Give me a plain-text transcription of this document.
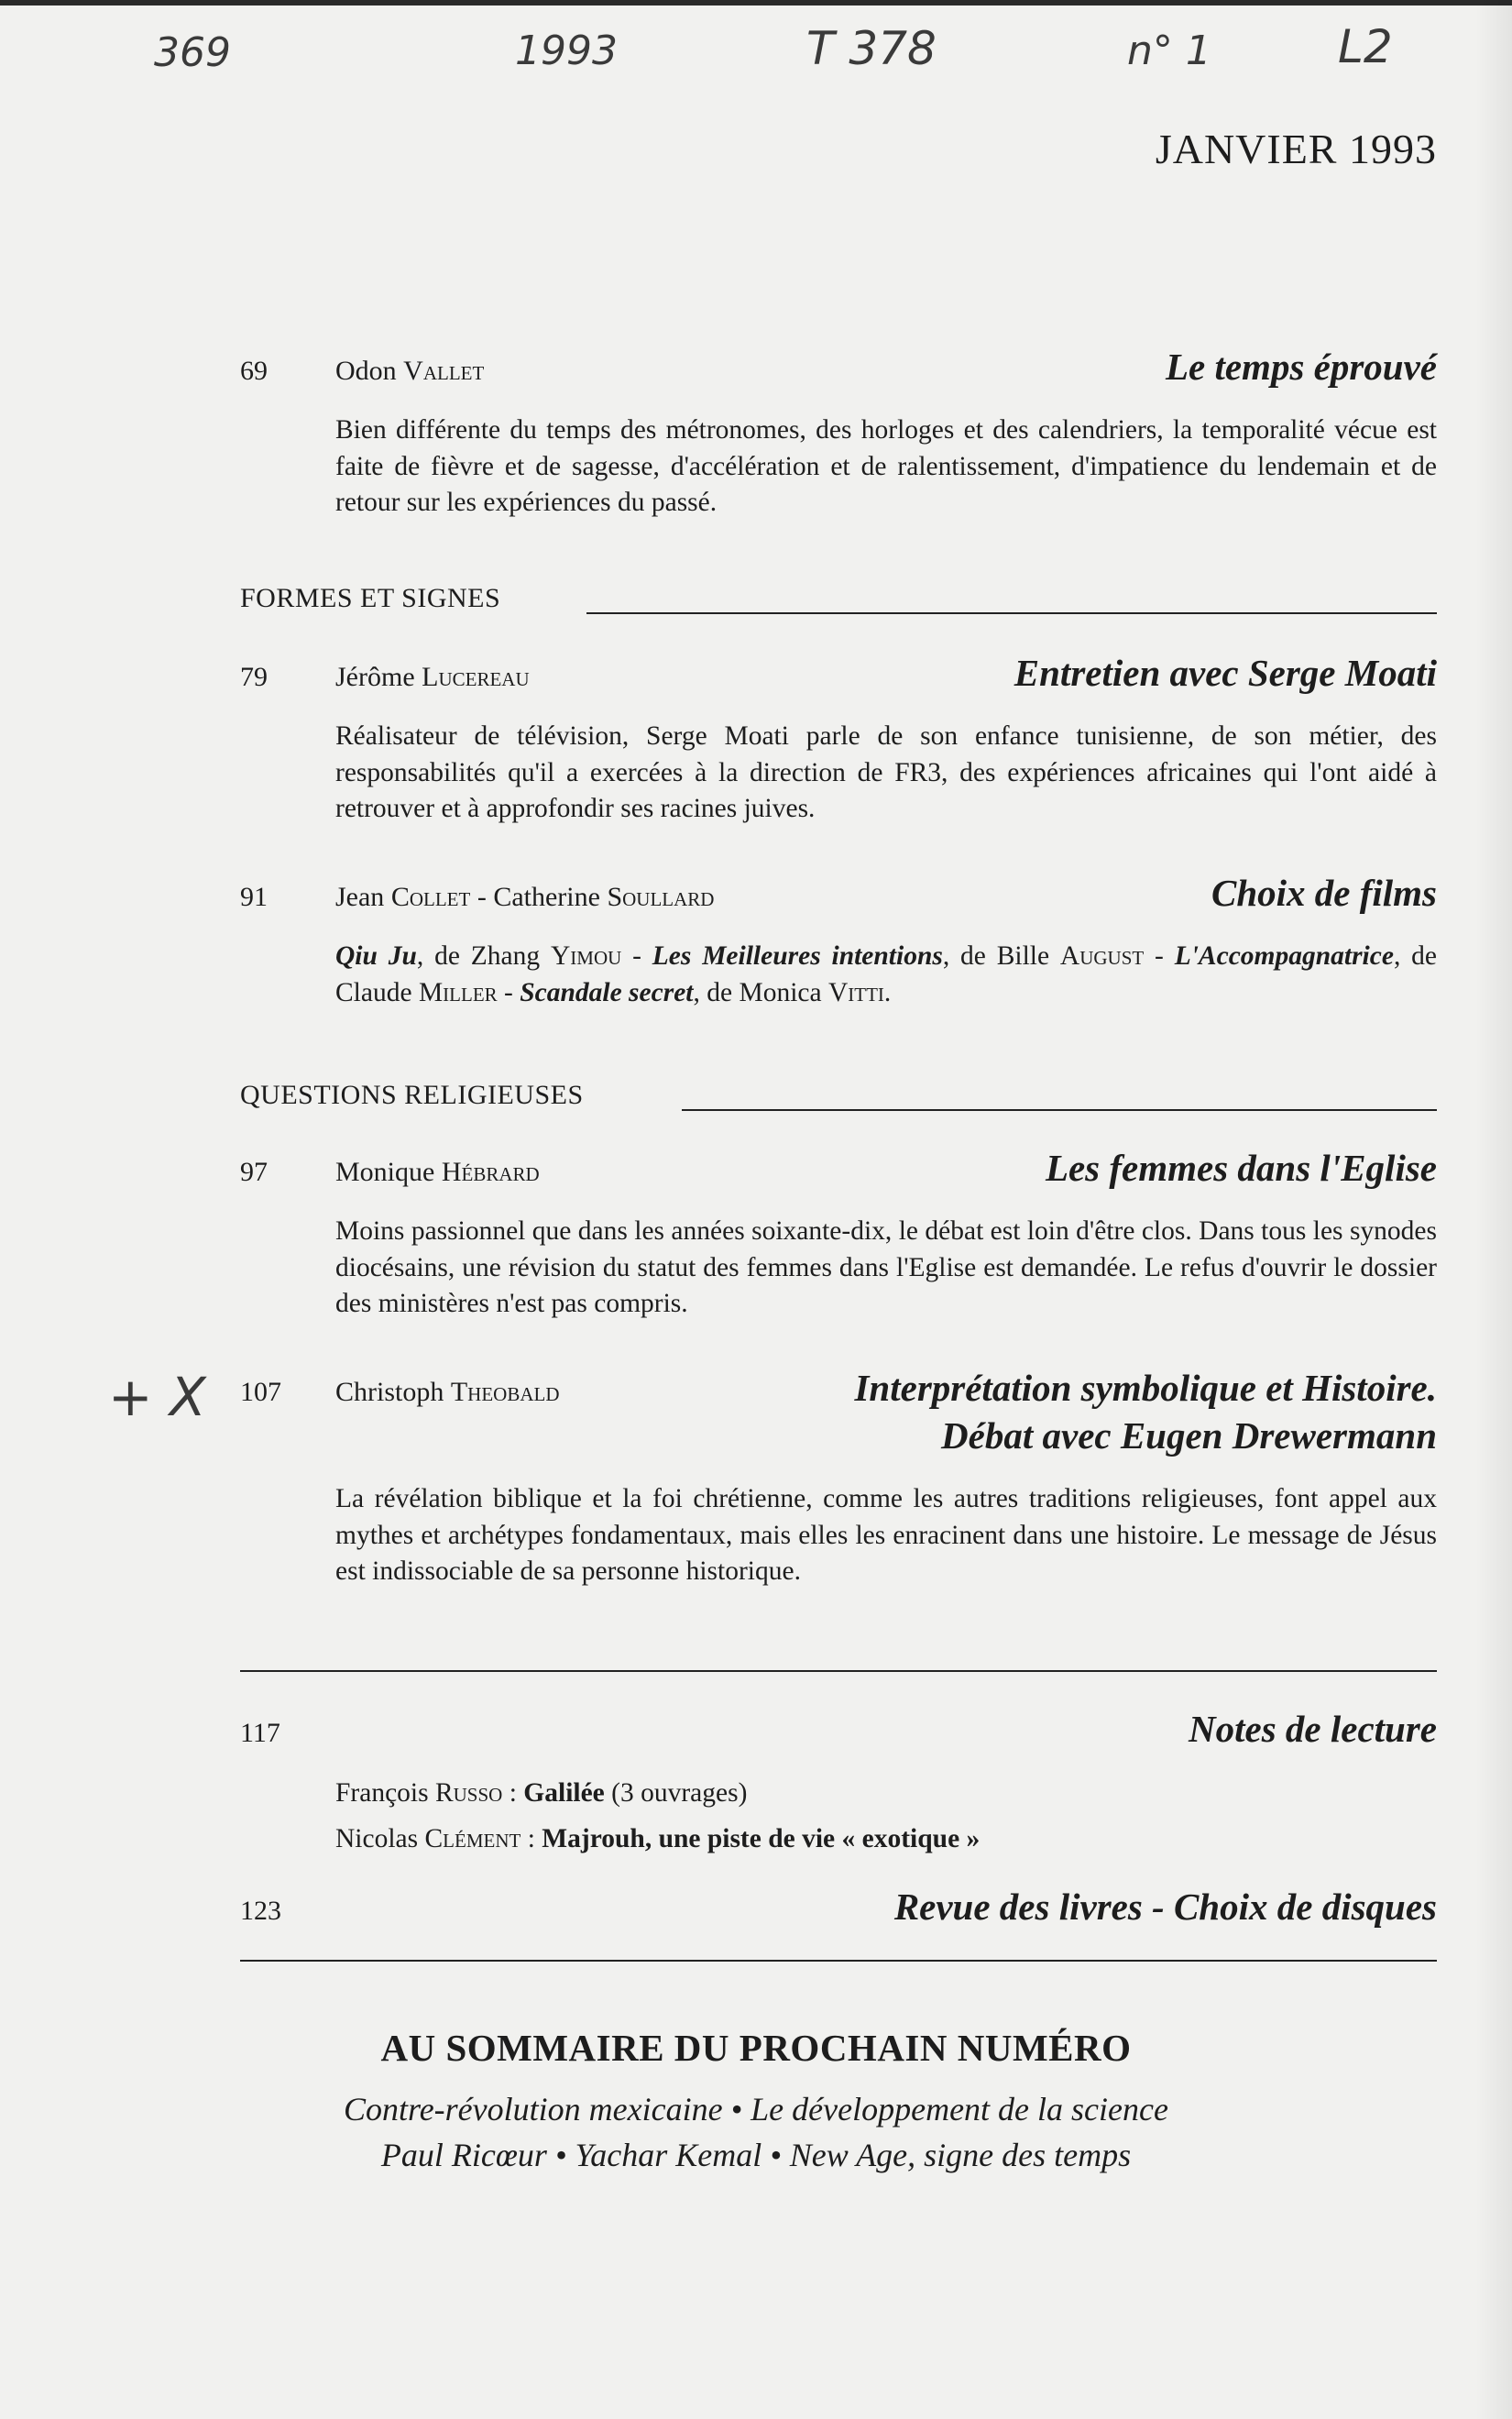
369	1993	T 378	n° 1	L2
+ X
JANVIER 1993
69 Odon Vallet	Le temps éprouvé
Bien différente du temps des métronomes, des horloges et des calendriers, la temporalité vécue est faite de fièvre et de sagesse, d'accélération et de ralentissement, d'impatience du lendemain et de retour sur les expériences du passé.
FORMES ET SIGNES
79 Jérôme Lucereau	Entretien avec Serge Moati
Réalisateur de télévision, Serge Moati parle de son enfance tunisienne, de son métier, des responsabilités qu'il a exercées à la direction de FR3, des expériences africaines qui l'ont aidé à retrouver et à approfondir ses racines juives.
91 Jean Collet - Catherine Soullard	Choix de films
Qiu Ju, de Zhang Yimou - Les Meilleures intentions, de Bille August - L'Accompagnatrice, de Claude Miller - Scandale secret, de Monica Vitti.
QUESTIONS RELIGIEUSES
97 Monique Hébrard	Les femmes dans l'Eglise
Moins passionnel que dans les années soixante-dix, le débat est loin d'être clos. Dans tous les synodes diocésains, une révision du statut des femmes dans l'Eglise est demandée. Le refus d'ouvrir le dossier des ministères n'est pas compris.
107 Christoph Theobald	Interprétation symbolique et Histoire.
Débat avec Eugen Drewermann
La révélation biblique et la foi chrétienne, comme les autres traditions religieuses, font appel aux mythes et archétypes fondamentaux, mais elles les enracinent dans une histoire. Le message de Jésus est indissociable de sa personne historique.
117	Notes de lecture
François Russo : Galilée (3 ouvrages)
Nicolas Clément : Majrouh, une piste de vie « exotique »
123	Revue des livres - Choix de disques
AU SOMMAIRE DU PROCHAIN NUMÉRO
Contre-révolution mexicaine • Le développement de la science
Paul Ricœur • Yachar Kemal • New Age, signe des temps
